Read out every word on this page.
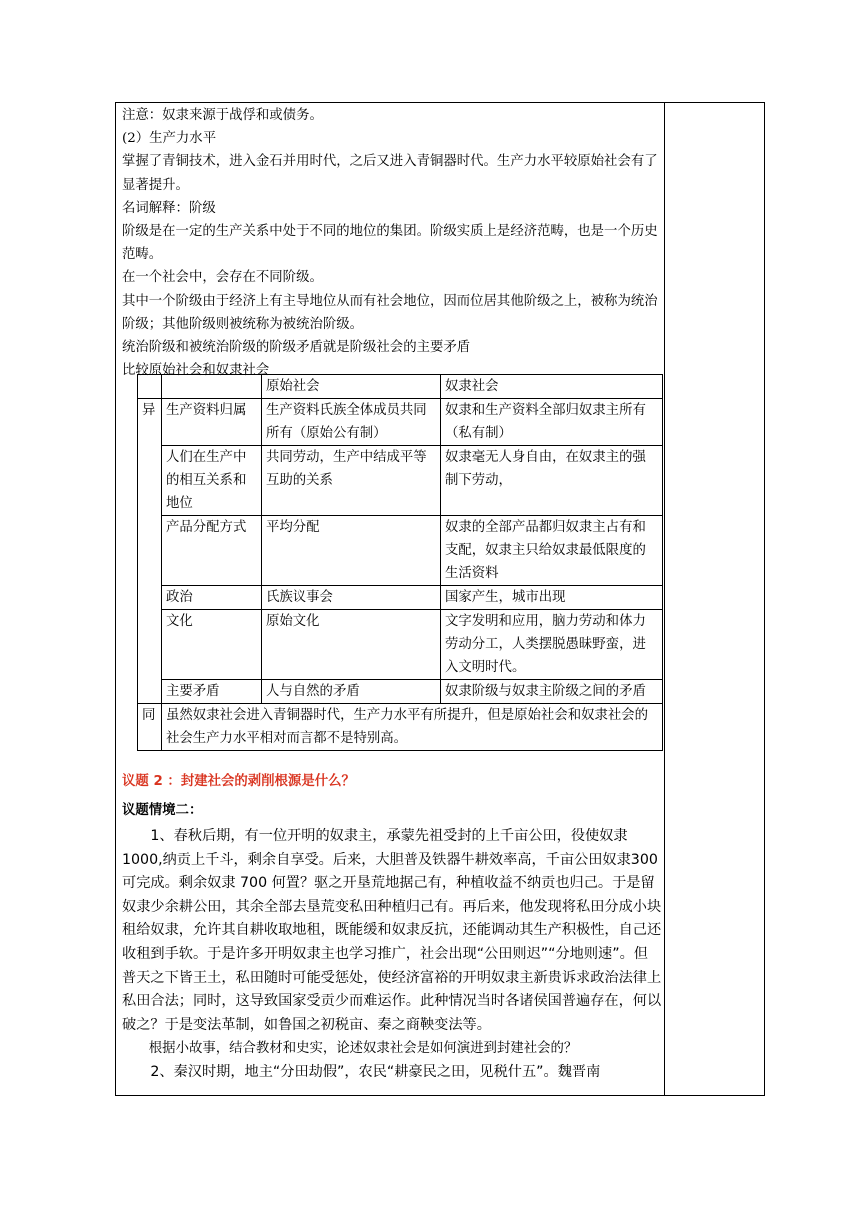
注意：奴隶来源于战俘和或债务。

(2）生产力水平

掌握了青铜技术，进入金石并用时代，之后又进入青铜器时代。生产力水平较原始社会有了显著提升。

名词解释：阶级

阶级是在一定的生产关系中处于不同的地位的集团。阶级实质上是经济范畴，也是一个历史范畴。

在一个社会中，会存在不同阶级。

其中一个阶级由于经济上有主导地位从而有社会地位，因而位居其他阶级之上，被称为统治阶级；其他阶级则被统称为被统治阶级。

统治阶级和被统治阶级的阶级矛盾就是阶级社会的主要矛盾

比较原始社会和奴隶社会

		原始社会	奴隶社会
异	生产资料归属	生产资料氏族全体成员共同所有（原始公有制）	奴隶和生产资料全部归奴隶主所有（私有制）
	人们在生产中的相互关系和地位	共同劳动，生产中结成平等互助的关系	奴隶毫无人身自由，在奴隶主的强制下劳动，
	产品分配方式	平均分配	奴隶的全部产品都归奴隶主占有和支配，奴隶主只给奴隶最低限度的生活资料
	政治	氏族议事会	国家产生，城市出现
	文化	原始文化	文字发明和应用，脑力劳动和体力劳动分工，人类摆脱愚昧野蛮，进入文明时代。
	主要矛盾	人与自然的矛盾	奴隶阶级与奴隶主阶级之间的矛盾
同	虽然奴隶社会进入青铜器时代，生产力水平有所提升，但是原始社会和奴隶社会的社会生产力水平相对而言都不是特别高。		
议题 2 ：封建社会的剥削根源是什么？
议题情境二：

1、春秋后期，有一位开明的奴隶主，承蒙先祖受封的上千亩公田，役使奴隶1000,纳贡上千斗，剩余自享受。后来，大胆普及铁器牛耕效率高，千亩公田奴隶300 可完成。剩余奴隶 700 何置？驱之开垦荒地据己有，种植收益不纳贡也归己。于是留奴隶少余耕公田，其余全部去垦荒变私田种植归己有。再后来，他发现将私田分成小块租给奴隶，允许其自耕收取地租，既能缓和奴隶反抗，还能调动其生产积极性，自己还收租到手软。于是许多开明奴隶主也学习推广，社会出现“公田则迟”“分地则速”。但普天之下皆王土，私田随时可能受惩处，使经济富裕的开明奴隶主新贵诉求政治法律上私田合法；同时，这导致国家受贡少而难运作。此种情况当时各诸侯国普遍存在，何以破之？于是变法革制，如鲁国之初税亩、秦之商鞅变法等。

根据小故事，结合教材和史实，论述奴隶社会是如何演进到封建社会的？

2、秦汉时期，地主“分田劫假”，农民“耕豪民之田，见税什五”。魏晋南
